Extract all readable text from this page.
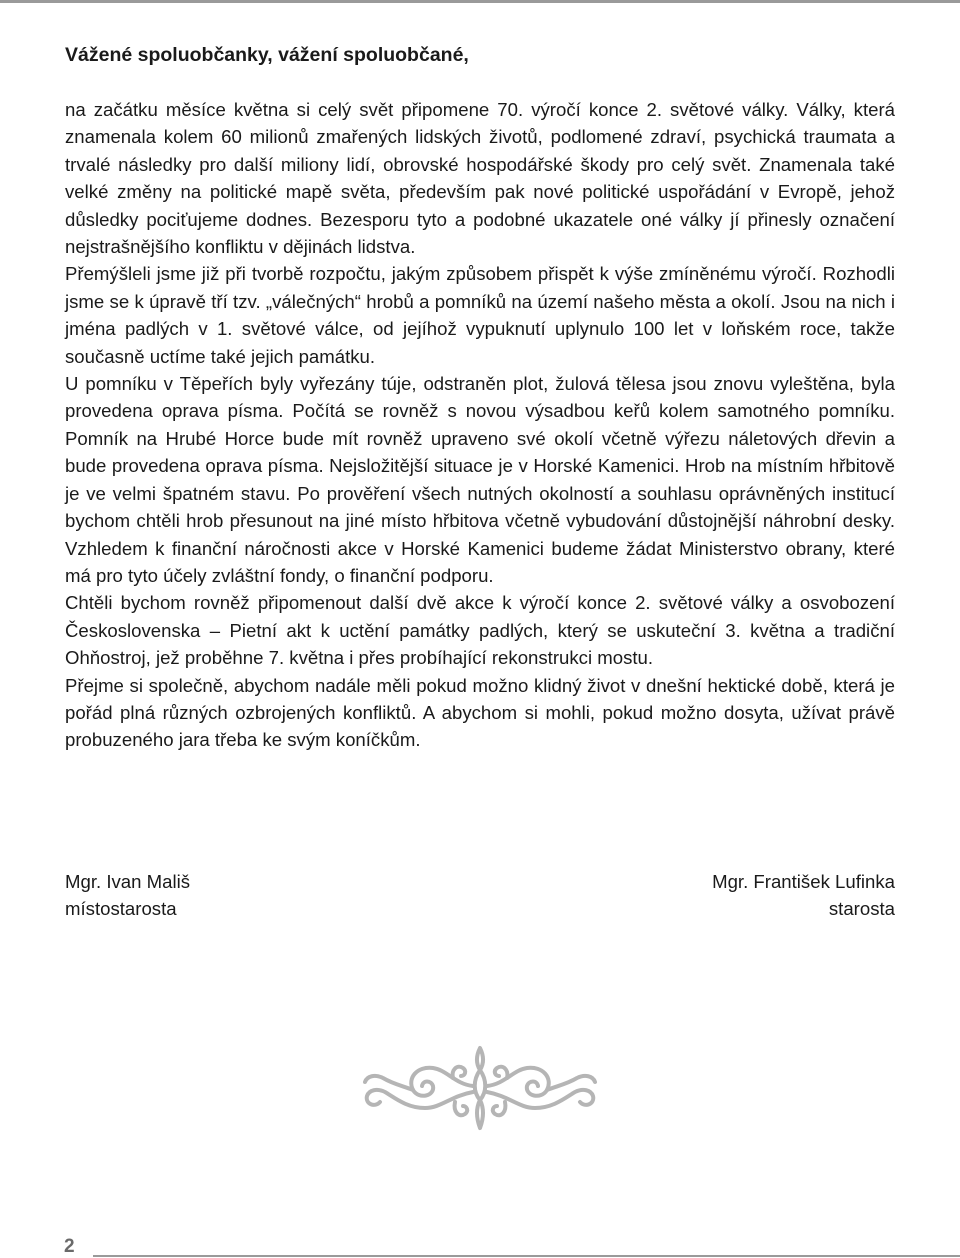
Vážené spoluobčanky, vážení spoluobčané,

na začátku měsíce května si celý svět připomene 70. výročí konce 2. světové války. Války, která znamenala kolem 60 milionů zmařených lidských životů, podlomené zdraví, psychická traumata a trvalé následky pro další miliony lidí, obrovské hospodářské škody pro celý svět. Znamenala také velké změny na politické mapě světa, především pak nové politické uspořádání v Evropě, jehož důsledky pociťujeme dodnes. Bezesporu tyto a podobné ukazatele oné války jí přinesly označení nejstrašnějšího konfliktu v dějinách lidstva.

Přemýšleli jsme již při tvorbě rozpočtu, jakým způsobem přispět k výše zmíněnému výročí. Rozhodli jsme se k úpravě tří tzv. „válečných“ hrobů a pomníků na území našeho města a okolí. Jsou na nich i jména padlých v 1. světové válce, od jejíhož vypuknutí uplynulo 100 let v loňském roce, takže současně uctíme také jejich památku.

U pomníku v Těpeřích byly vyřezány túje, odstraněn plot, žulová tělesa jsou znovu vyleštěna, byla provedena oprava písma. Počítá se rovněž s novou výsadbou keřů kolem samotného pomníku. Pomník na Hrubé Horce bude mít rovněž upraveno své okolí včetně výřezu náletových dřevin a bude provedena oprava písma. Nejsložitější situace je v Horské Kamenici. Hrob na místním hřbitově je ve velmi špatném stavu. Po prověření všech nutných okolností a souhlasu oprávněných institucí bychom chtěli hrob přesunout na jiné místo hřbitova včetně vybudování důstojnější náhrobní desky. Vzhledem k finanční náročnosti akce v Horské Kamenici budeme žádat Ministerstvo obrany, které má pro tyto účely zvláštní fondy, o finanční podporu.

Chtěli bychom rovněž připomenout další dvě akce k výročí konce 2. světové války a osvobození Československa – Pietní akt k uctění památky padlých, který se uskuteční 3. května a tradiční Ohňostroj, jež proběhne 7. května i přes probíhající rekonstrukci mostu.

Přejme si společně, abychom nadále měli pokud možno klidný život v dnešní hektické době, která je pořád plná různých ozbrojených konfliktů. A abychom si mohli, pokud možno dosyta, užívat právě probuzeného jara třeba ke svým koníčkům.

Mgr. Ivan Mališ
místostarosta
Mgr. František Lufinka
starosta
2
